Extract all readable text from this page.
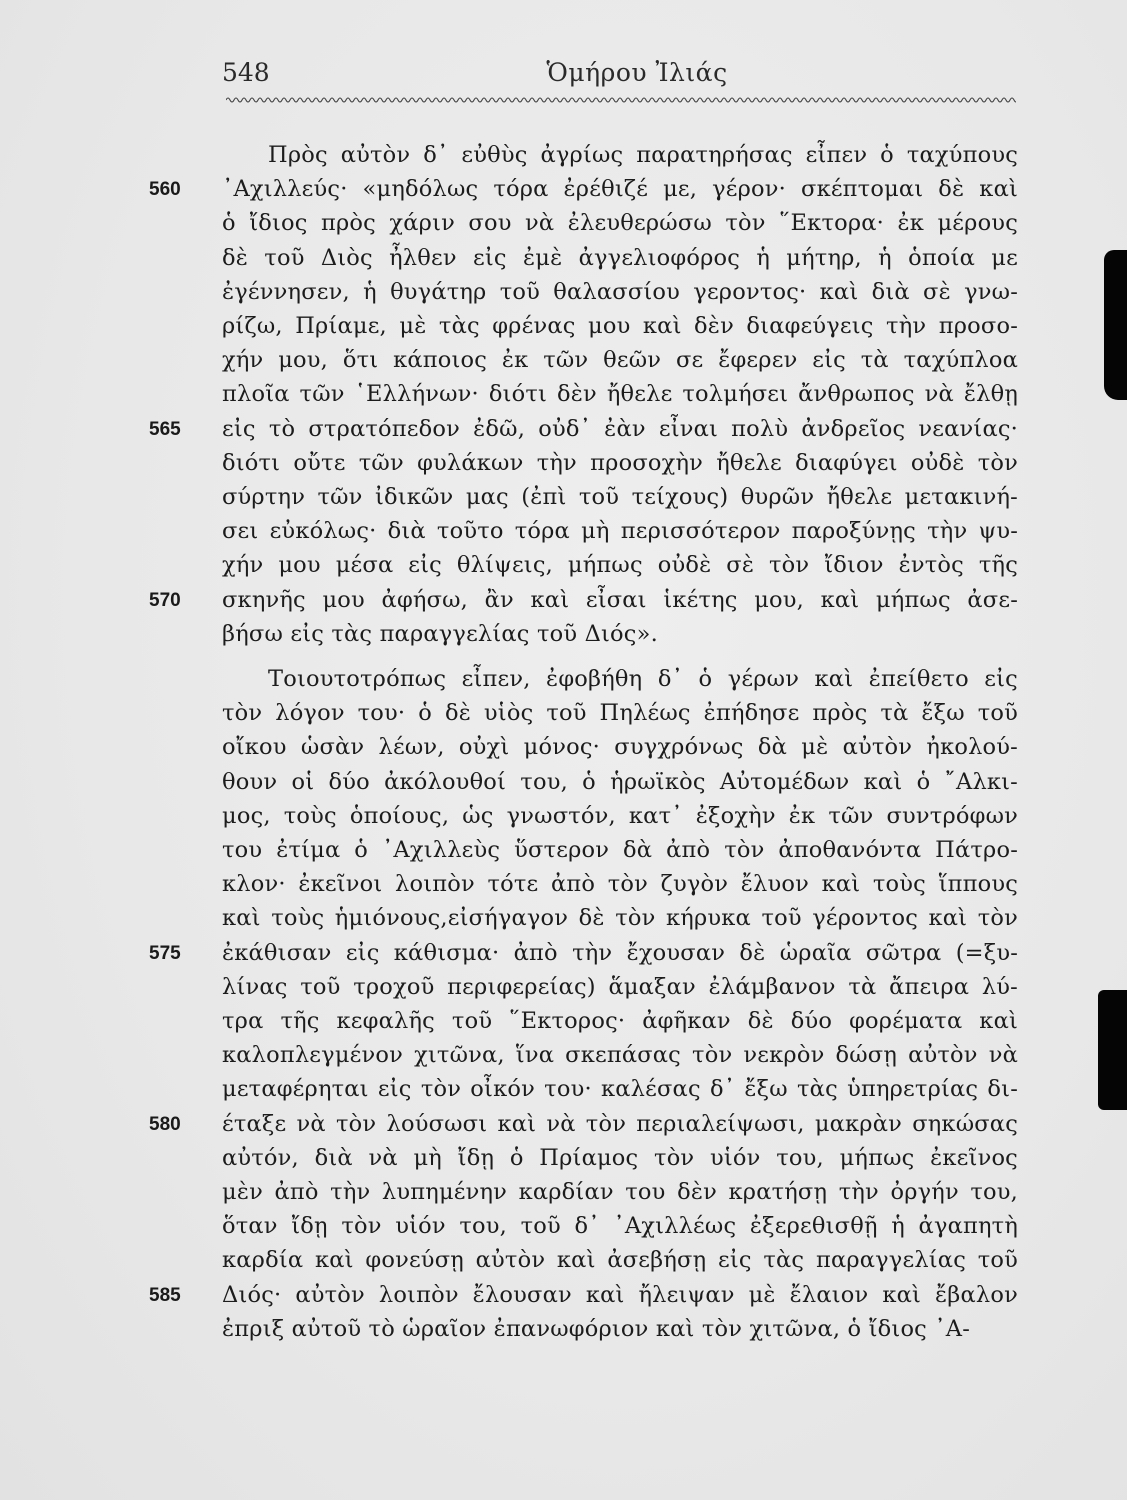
548	Ὁμήρου Ἰλιάς
Πρὸς αὐτὸν δ᾽ εὐθὺς ἀγρίως παρατηρήσας εἶπεν ὁ ταχύπους
᾽Αχιλλεύς· «μηδόλως τόρα ἐρέθιζέ με, γέρον· σκέπτομαι δὲ καὶ
ὁ ἴδιος πρὸς χάριν σου νὰ ἐλευθερώσω τὸν ῞Εκτορα· ἐκ μέρους
δὲ τοῦ Διὸς ἦλθεν εἰς ἐμὲ ἀγγελιοφόρος ἡ μήτηρ, ἡ ὁποία με
ἐγέννησεν, ἡ θυγάτηρ τοῦ θαλασσίου γεροντος· καὶ διὰ σὲ γνω-
ρίζω, Πρίαμε, μὲ τὰς φρένας μου καὶ δὲν διαφεύγεις τὴν προσο-
χήν μου, ὅτι κάποιος ἐκ τῶν θεῶν σε ἔφερεν εἰς τὰ ταχύπλοα
πλοῖα τῶν ῾Ελλήνων· διότι δὲν ἤθελε τολμήσει ἄνθρωπος νὰ ἔλθῃ
εἰς τὸ στρατόπεδον ἐδῶ, οὐδ᾽ ἐὰν εἶναι πολὺ ἀνδρεῖος νεανίας·
διότι οὔτε τῶν φυλάκων τὴν προσοχὴν ἤθελε διαφύγει οὐδὲ τὸν
σύρτην τῶν ἰδικῶν μας (ἐπὶ τοῦ τείχους) θυρῶν ἤθελε μετακινή-
σει εὐκόλως· διὰ τοῦτο τόρα μὴ περισσότερον παροξύνῃς τὴν ψυ-
χήν μου μέσα εἰς θλίψεις, μήπως οὐδὲ σὲ τὸν ἴδιον ἐντὸς τῆς
σκηνῆς μου ἀφήσω, ἂν καὶ εἶσαι ἱκέτης μου, καὶ μήπως ἀσε-
βήσω εἰς τὰς παραγγελίας τοῦ Διός».
Τοιουτοτρόπως εἶπεν, ἐφοβήθη δ᾽ ὁ γέρων καὶ ἐπείθετο εἰς
τὸν λόγον του· ὁ δὲ υἱὸς τοῦ Πηλέως ἐπήδησε πρὸς τὰ ἔξω τοῦ
οἴκου ὡσὰν λέων, οὐχὶ μόνος· συγχρόνως δὰ μὲ αὐτὸν ἠκολού-
θουν οἱ δύο ἀκόλουθοί του, ὁ ἡρωϊκὸς Αὐτομέδων καὶ ὁ ῎Αλκι-
μος, τοὺς ὁποίους, ὡς γνωστόν, κατ᾽ ἐξοχὴν ἐκ τῶν συντρόφων
του ἐτίμα ὁ ᾽Αχιλλεὺς ὕστερον δὰ ἀπὸ τὸν ἀποθανόντα Πάτρο-
κλον· ἐκεῖνοι λοιπὸν τότε ἀπὸ τὸν ζυγὸν ἔλυον καὶ τοὺς ἵππους
καὶ τοὺς ἡμιόνους,εἰσήγαγον δὲ τὸν κήρυκα τοῦ γέροντος καὶ τὸν
ἐκάθισαν εἰς κάθισμα· ἀπὸ τὴν ἔχουσαν δὲ ὡραῖα σῶτρα (=ξυ-
λίνας τοῦ τροχοῦ περιφερείας) ἅμαξαν ἐλάμβανον τὰ ἄπειρα λύ-
τρα τῆς κεφαλῆς τοῦ ῞Εκτορος· ἀφῆκαν δὲ δύο φορέματα καὶ
καλοπλεγμένον χιτῶνα, ἵνα σκεπάσας τὸν νεκρὸν δώσῃ αὐτὸν νὰ
μεταφέρηται εἰς τὸν οἶκόν του· καλέσας δ᾽ ἔξω τὰς ὑπηρετρίας δι-
έταξε νὰ τὸν λούσωσι καὶ νὰ τὸν περιαλείψωσι, μακρὰν σηκώσας
αὐτόν, διὰ νὰ μὴ ἴδῃ ὁ Πρίαμος τὸν υἱόν του, μήπως ἐκεῖνος
μὲν ἀπὸ τὴν λυπημένην καρδίαν του δὲν κρατήσῃ τὴν ὀργήν του,
ὅταν ἴδῃ τὸν υἱόν του, τοῦ δ᾽ ᾽Αχιλλέως ἐξερεθισθῇ ἡ ἀγαπητὴ
καρδία καὶ φονεύσῃ αὐτὸν καὶ ἀσεβήσῃ εἰς τὰς παραγγελίας τοῦ
Διός· αὐτὸν λοιπὸν ἔλουσαν καὶ ἤλειψαν μὲ ἔλαιον καὶ ἔβαλον
ἐπριξ αὐτοῦ τὸ ὡραῖον ἐπανωφόριον καὶ τὸν χιτῶνα, ὁ ἴδιος ᾽Α-
560
565
570
575
580
585
